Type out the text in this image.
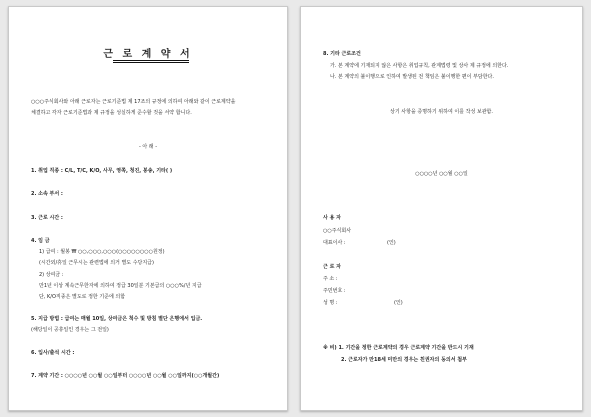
근 로 계 약 서
○○○주식회사와 아래 근로자는 근로기준법 제 17조의 규정에 의하여 아래와 같이 근로계약을
체결하고 각자 근로기준법과 제 규정을 성실하게 준수할 것을 서약 합니다.
- 아 래 -
1. 취업 직종 : C/L, T/C, K/O, 사무, 영쪽, 청진, 봉송, 기타( )
2. 소속 부서 :
3. 근로 시간 :
4. 임 금
1) 급여 : 월봉 ₩ ○○,○○○,○○○(○○○○○○○○원정)
(시간외/휴일 근무시는 관련법에 의거 별도 수당지급)
2) 상여금 :
만1년 이상 계속근무한자에 의하여 정급 30일분 기본급의 ○○○%/년 지급
단, K/O직종은 별도로 정한 기준에 의함
5. 지급 방법 : 급여는 매월 10일, 상여금은 척수 및 방침 별단 은행에서 입금.
(해당일이 공휴일인 경우는 그 전일)
6. 입사/출석 시간 :
7. 계약 기간 : ○○○○년 ○○월 ○○일부터 ○○○○년 ○○월 ○○일까지(○○개월간)
8. 기타 근로조건
가. 본 계약에 기재되지 않은 사항은 취업규칙, 관계법령 및 상사 제 규정에 의한다.
나. 본 계약의 불이행으로 인하여 발생된 전 책임은 불이행한 편이 부담한다.
상기 사항을 증명하기 위하여 이를 작성 보관함.
○○○○년 ○○월 ○○일
사 용 자
○○주식회사
대표이사 :	(인)
근 로 자
주 소 :
주민번호 :
성 명 :	(인)
※ 비) 1. 기간을 정한 근로계약의 경우 근로계약 기간을 반드시 기재
2. 근로자가 만18세 미만의 경우는 친권자의 동의서 첨부
